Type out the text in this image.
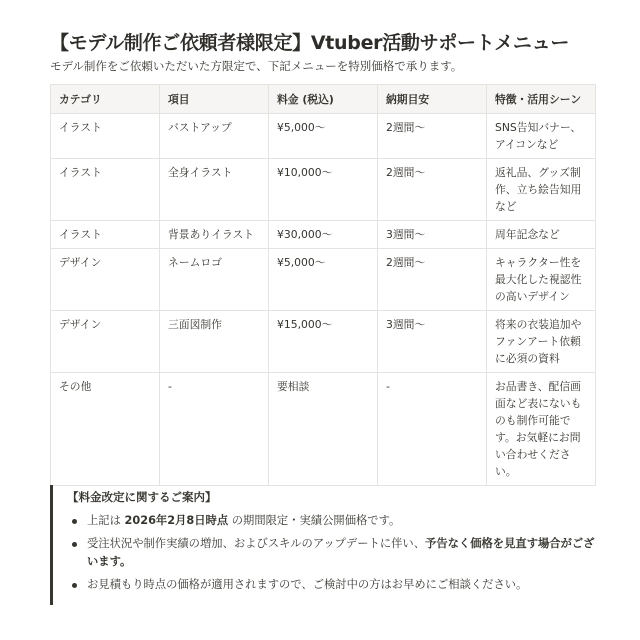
【モデル制作ご依頼者様限定】Vtuber活動サポートメニュー
モデル制作をご依頼いただいた方限定で、下記メニューを特別価格で承ります。
カテゴリ	項目	料金 (税込)	納期目安	特徴・活用シーン
イラスト	バストアップ	¥5,000〜	2週間〜	SNS告知バナー、アイコンなど
イラスト	全身イラスト	¥10,000〜	2週間〜	返礼品、グッズ制作、立ち絵告知用など
イラスト	背景ありイラスト	¥30,000〜	3週間〜	周年記念など
デザイン	ネームロゴ	¥5,000〜	2週間〜	キャラクター性を最大化した視認性の高いデザイン
デザイン	三面図制作	¥15,000〜	3週間〜	将来の衣装追加やファンアート依頼に必須の資料
その他	-	要相談	-	お品書き、配信画面など表にないものも制作可能です。お気軽にお問い合わせください。
【料金改定に関するご案内】
上記は 2026年2月8日時点 の期間限定・実績公開価格です。
受注状況や制作実績の増加、およびスキルのアップデートに伴い、予告なく価格を見直す場合がございます。
お見積もり時点の価格が適用されますので、ご検討中の方はお早めにご相談ください。
